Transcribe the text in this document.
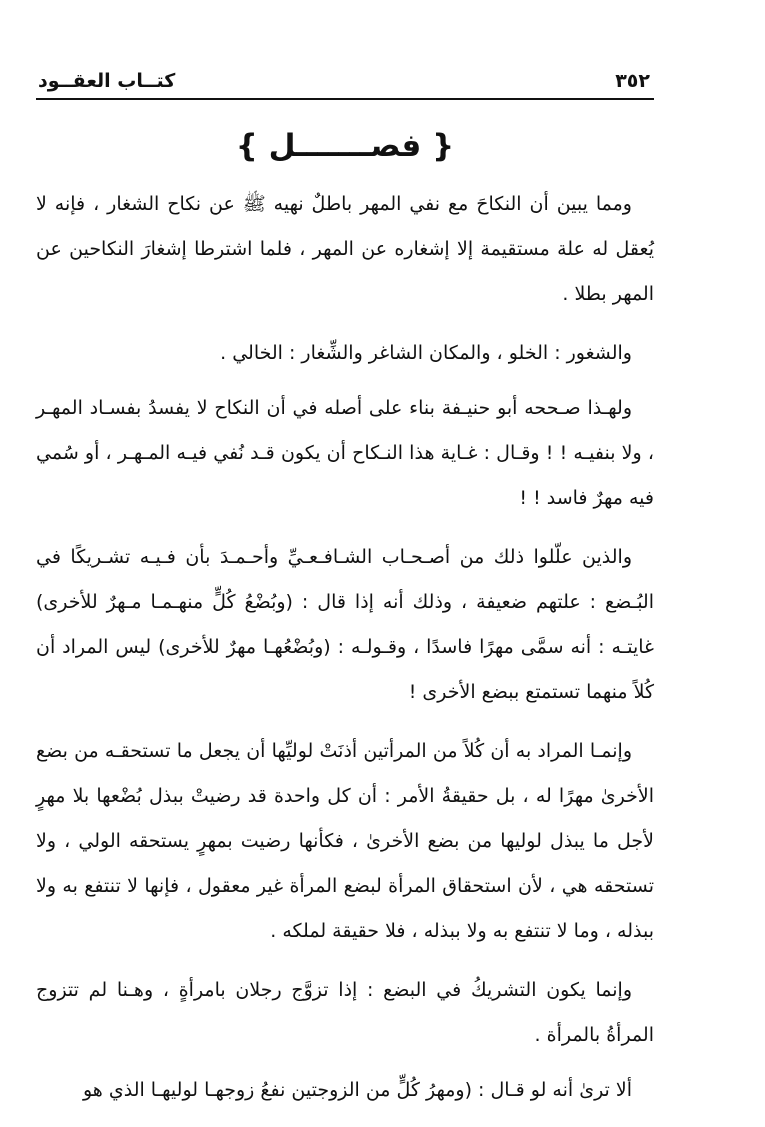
٣٥٢
كتــاب العقــود
{ فصـــــــل }

ومما يبين أن النكاحَ مع نفي المهر باطلٌ نهيه ﷺ عن نكاح الشغار ، فإنه لا يُعقل له علة مستقيمة إلا إشغاره عن المهر ، فلما اشترطا إشغارَ النكاحين عن المهر بطلا .

والشغور : الخلو ، والمكان الشاغر والشِّغار : الخالي .

ولهـذا صـححه أبو حنيـفة بناء على أصله في أن النكاح لا يفسدُ بفسـاد المهـر ، ولا بنفيـه ! ! وقـال : غـاية هذا النـكاح أن يكون قـد نُفي فيـه المـهـر ، أو سُمي فيه مهرٌ فاسد ! !

والذين علّلوا ذلك من أصـحـاب الشـافـعـيِّ وأحـمـدَ بأن فـيـه تشـريكًا في البُـضع : علتهم ضعيفة ، وذلك أنه إذا قال : (وبُضْعُ كُلٍّ منهـمـا مـهرٌ للأخرى) غايتـه : أنه سمَّى مهرًا فاسدًا ، وقـولـه : (وبُضْعُهـا مهرٌ للأخرى) ليس المراد أن كُلاً منهما تستمتع ببضع الأخرى !

وإنمـا المراد به أن كُلاً من المرأتين أذنَتْ لوليِّها أن يجعل ما تستحقـه من بضع الأخرىٰ مهرًا له ، بل حقيقةُ الأمر : أن كل واحدة قد رضيتْ ببذل بُضْعها بلا مهرٍ لأجل ما يبذل لوليها من بضع الأخرىٰ ، فكأنها رضيت بمهرٍ يستحقه الولي ، ولا تستحقه هي ، لأن استحقاق المرأة لبضع المرأة غير معقول ، فإنها لا تنتفع به ولا ببذله ، وما لا تنتفع به ولا ببذله ، فلا حقيقة لملكه .

وإنما يكون التشريكُ في البضع : إذا تزوَّج رجلان بامرأةٍ ، وهـنا لم تتزوج المرأةُ بالمرأة .

ألا ترىٰ أنه لو قـال : (ومهرُ كُلٍّ من الزوجتين نفعُ زوجهـا لوليهـا الذي هو
